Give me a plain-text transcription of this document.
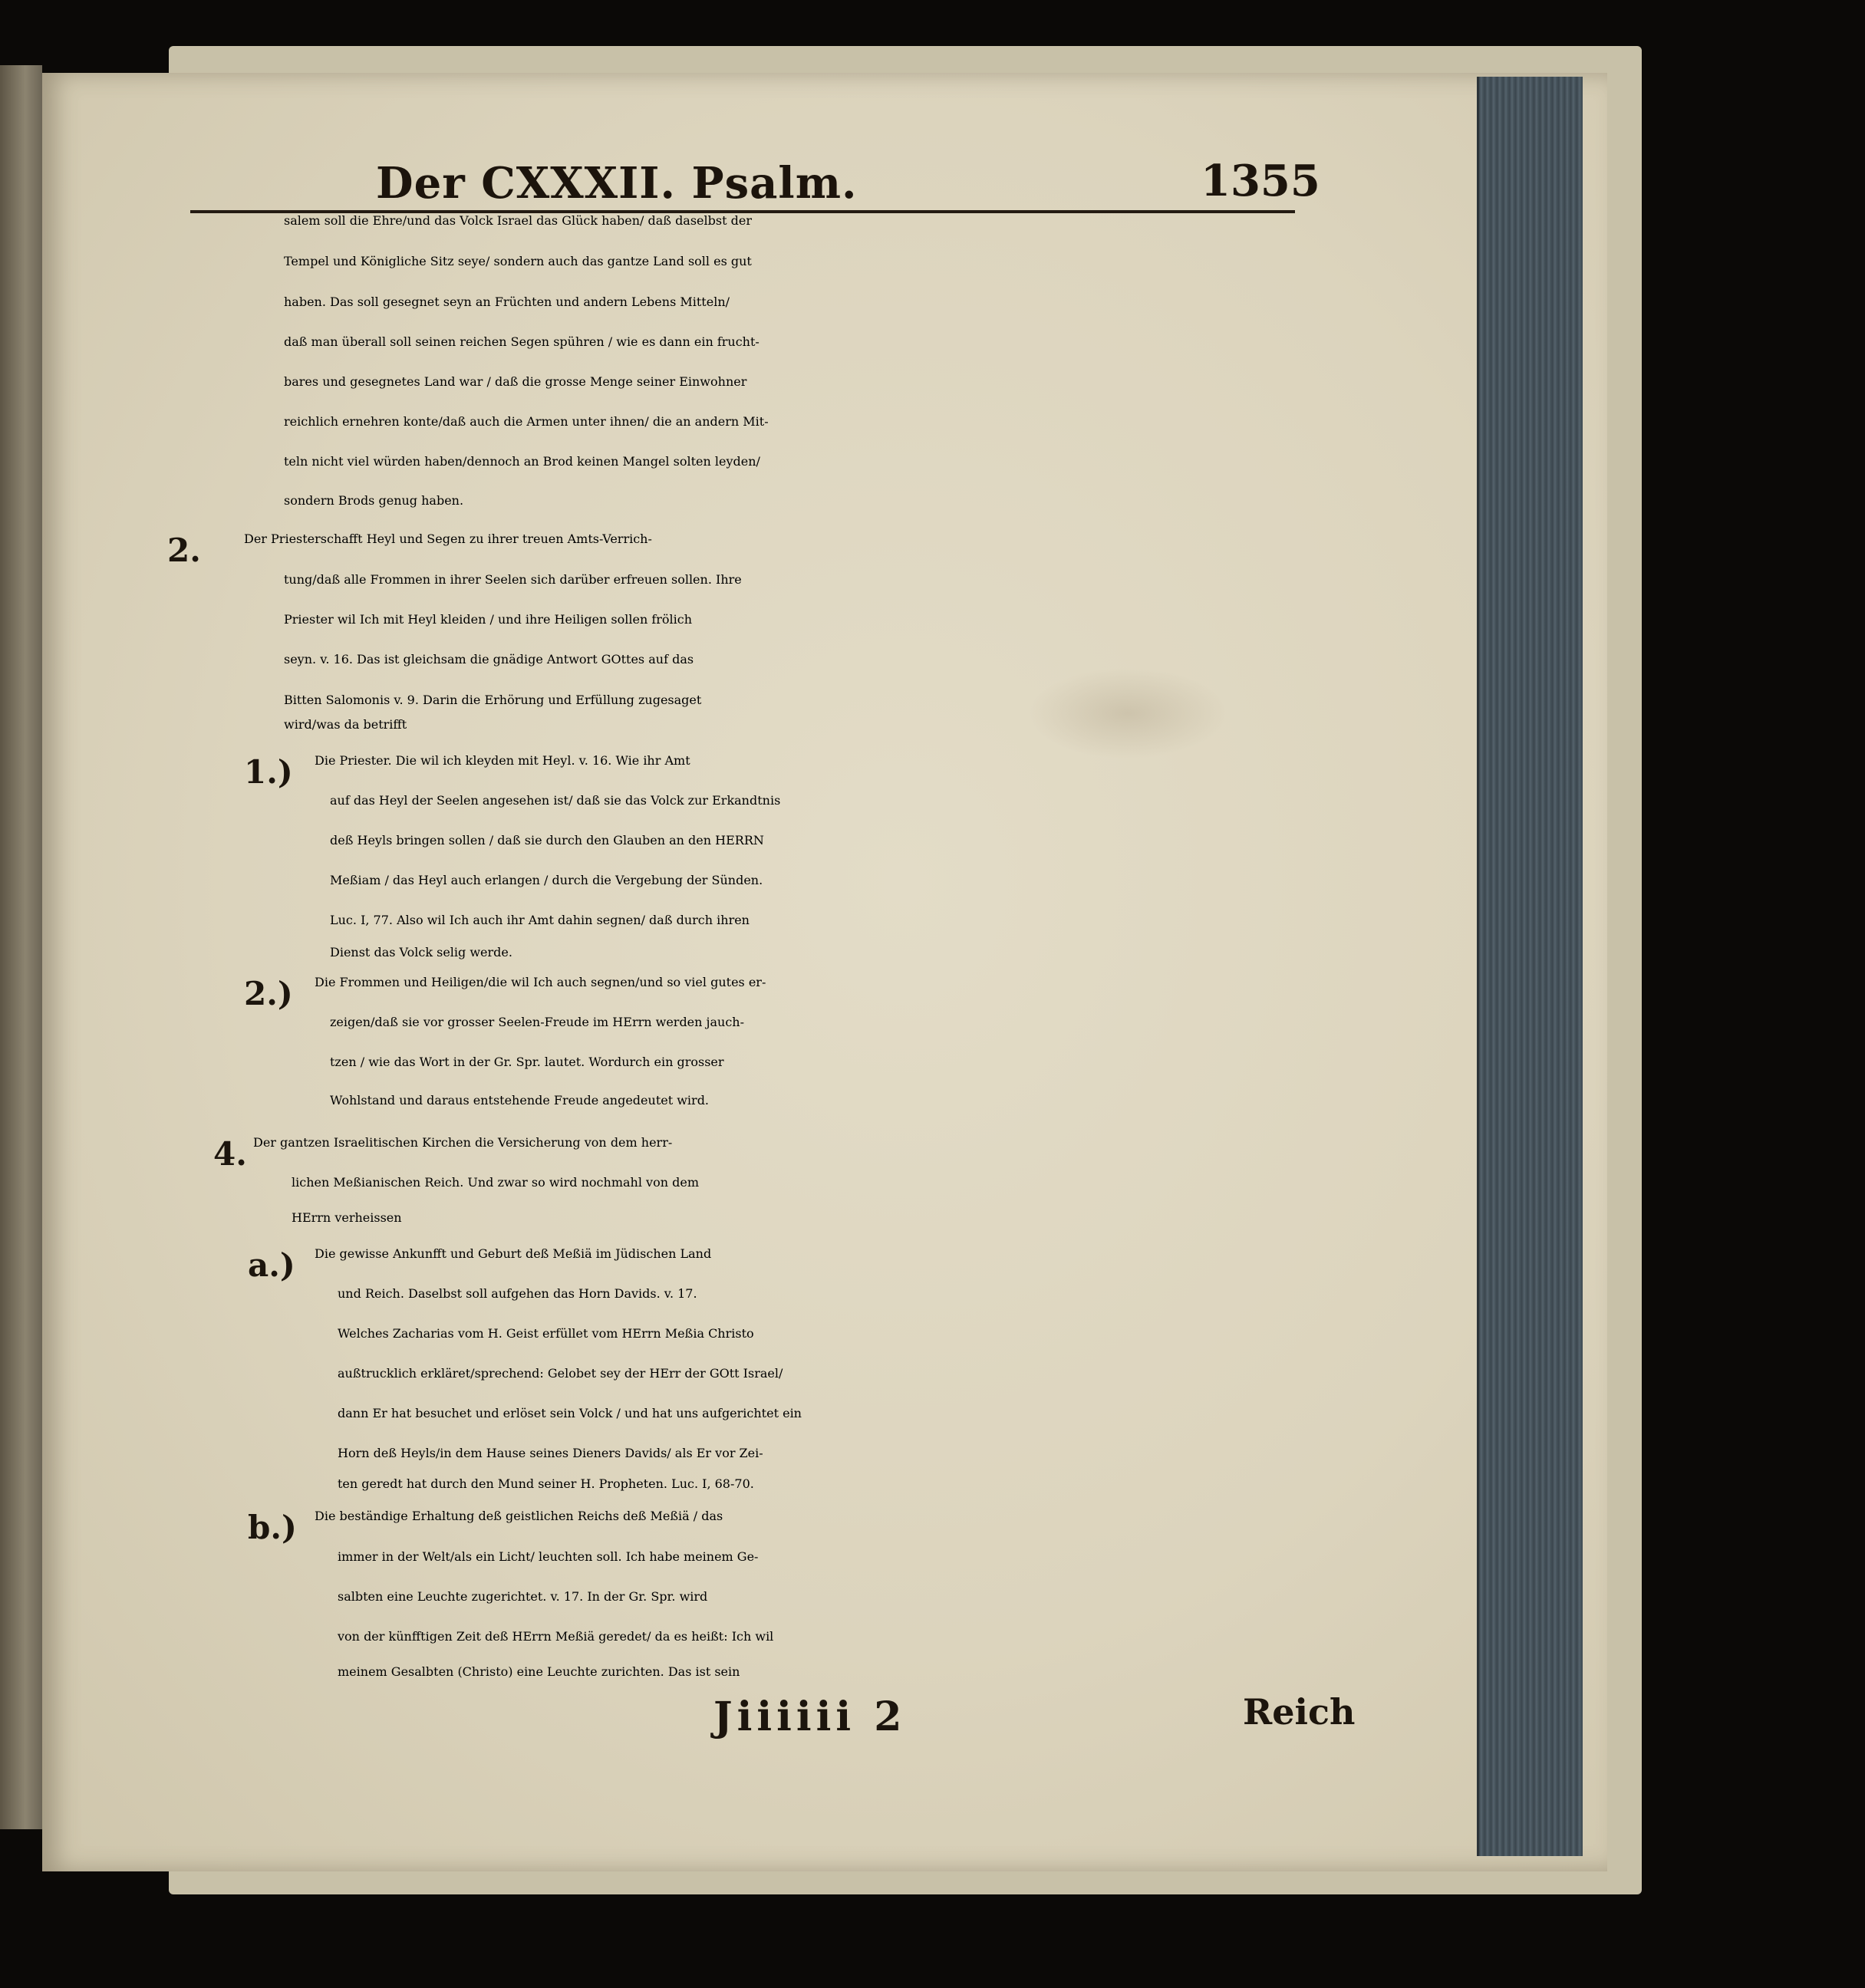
Der CXXXII. Psalm.	1355
2.
1.)
2.)
4.
a.)
b.)
salem soll die Ehre/und das Volck Israel das Glück haben/ daß daselbst der
Tempel und Königliche Sitz seye/ sondern auch das gantze Land soll es gut
haben. Das soll gesegnet seyn an Früchten und andern Lebens Mitteln/
daß man überall soll seinen reichen Segen spühren / wie es dann ein frucht-
bares und gesegnetes Land war / daß die grosse Menge seiner Einwohner
reichlich ernehren konte/daß auch die Armen unter ihnen/ die an andern Mit-
teln nicht viel würden haben/dennoch an Brod keinen Mangel solten leyden/
sondern Brods genug haben.
Der Priesterschafft Heyl und Segen zu ihrer treuen Amts-Verrich-
tung/daß alle Frommen in ihrer Seelen sich darüber erfreuen sollen. Ihre
Priester wil Ich mit Heyl kleiden / und ihre Heiligen sollen frölich
seyn. v. 16. Das ist gleichsam die gnädige Antwort GOttes auf das
Bitten Salomonis v. 9. Darin die Erhörung und Erfüllung zugesaget
wird/was da betrifft
Die Priester. Die wil ich kleyden mit Heyl. v. 16. Wie ihr Amt
auf das Heyl der Seelen angesehen ist/ daß sie das Volck zur Erkandtnis
deß Heyls bringen sollen / daß sie durch den Glauben an den HERRN
Meßiam / das Heyl auch erlangen / durch die Vergebung der Sünden.
Luc. I, 77. Also wil Ich auch ihr Amt dahin segnen/ daß durch ihren
Dienst das Volck selig werde.
Die Frommen und Heiligen/die wil Ich auch segnen/und so viel gutes er-
zeigen/daß sie vor grosser Seelen-Freude im HErrn werden jauch-
tzen / wie das Wort in der Gr. Spr. lautet. Wordurch ein grosser
Wohlstand und daraus entstehende Freude angedeutet wird.
Der gantzen Israelitischen Kirchen die Versicherung von dem herr-
lichen Meßianischen Reich. Und zwar so wird nochmahl von dem
HErrn verheissen
Die gewisse Ankunfft und Geburt deß Meßiä im Jüdischen Land
und Reich. Daselbst soll aufgehen das Horn Davids. v. 17.
Welches Zacharias vom H. Geist erfüllet vom HErrn Meßia Christo
außtrucklich erkläret/sprechend: Gelobet sey der HErr der GOtt Israel/
dann Er hat besuchet und erlöset sein Volck / und hat uns aufgerichtet ein
Horn deß Heyls/in dem Hause seines Dieners Davids/ als Er vor Zei-
ten geredt hat durch den Mund seiner H. Propheten. Luc. I, 68-70.
Die beständige Erhaltung deß geistlichen Reichs deß Meßiä / das
immer in der Welt/als ein Licht/ leuchten soll. Ich habe meinem Ge-
salbten eine Leuchte zugerichtet. v. 17. In der Gr. Spr. wird
von der künfftigen Zeit deß HErrn Meßiä geredet/ da es heißt: Ich wil
meinem Gesalbten (Christo) eine Leuchte zurichten. Das ist sein
Jiiiiii 2	Reich
